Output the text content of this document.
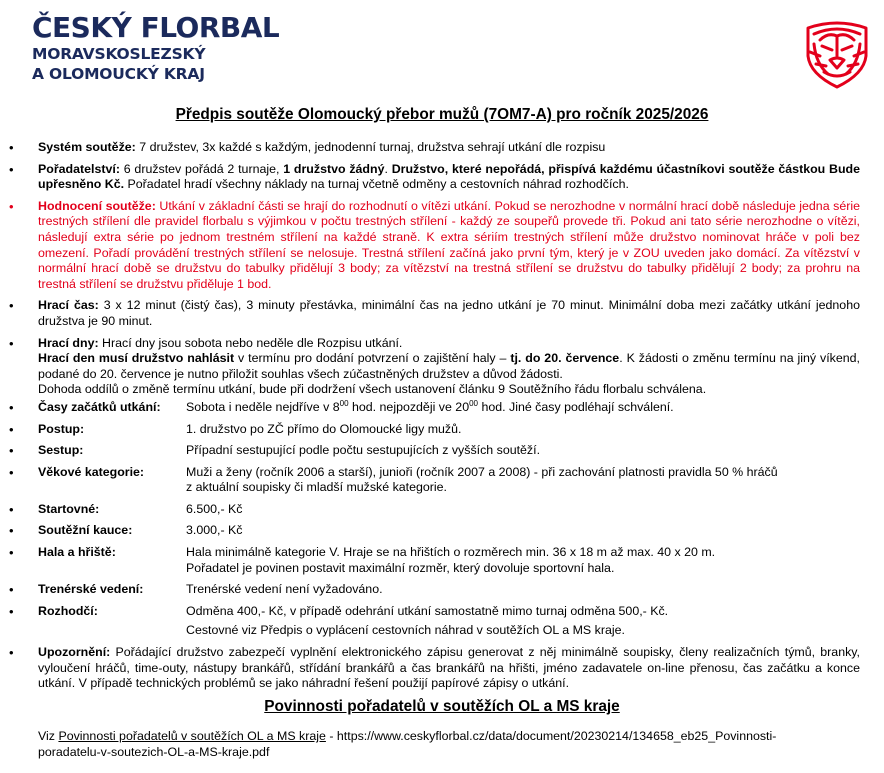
ČESKÝ FLORBAL
MORAVSKOSLEZSKÝ
A OLOMOUCKÝ KRAJ
Předpis soutěže Olomoucký přebor mužů (7OM7-A) pro ročník 2025/2026
• Systém soutěže: 7 družstev, 3x každé s každým, jednodenní turnaj, družstva sehrají utkání dle rozpisu
• Pořadatelství: 6 družstev pořádá 2 turnaje, 1 družstvo žádný. Družstvo, které nepořádá, přispívá každému účastníkovi soutěže částkou Bude upřesněno Kč. Pořadatel hradí všechny náklady na turnaj včetně odměny a cestovních náhrad rozhodčích.
• Hodnocení soutěže: Utkání v základní části se hrají do rozhodnutí o vítězi utkání. Pokud se nerozhodne v normální hrací době následuje jedna série trestných střílení dle pravidel florbalu s výjimkou v počtu trestných střílení - každý ze soupeřů provede tři. Pokud ani tato série nerozhodne o vítězi, následují extra série po jednom trestném střílení na každé straně. K extra sériím trestných střílení může družstvo nominovat hráče v poli bez omezení. Pořadí provádění trestných střílení se nelosuje. Trestná střílení začíná jako první tým, který je v ZOU uveden jako domácí. Za vítězství v normální hrací době se družstvu do tabulky přidělují 3 body; za vítězství na trestná střílení se družstvu do tabulky přidělují 2 body; za prohru na trestná střílení se družstvu přiděluje 1 bod.
• Hrací čas: 3 x 12 minut (čistý čas), 3 minuty přestávka, minimální čas na jedno utkání je 70 minut. Minimální doba mezi začátky utkání jednoho družstva je 90 minut.
• Hrací dny: Hrací dny jsou sobota nebo neděle dle Rozpisu utkání.
Hrací den musí družstvo nahlásit v termínu pro dodání potvrzení o zajištění haly – tj. do 20. července. K žádosti o změnu termínu na jiný víkend, podané do 20. července je nutno přiložit souhlas všech zúčastněných družstev a důvod žádosti.
Dohoda oddílů o změně termínu utkání, bude při dodržení všech ustanovení článku 9 Soutěžního řádu florbalu schválena.
• Časy začátků utkání:	Sobota i neděle nejdříve v $8^{00}$ hod. nejpozději ve $20^{00}$ hod. Jiné časy podléhají schválení.
• Postup:	1. družstvo po ZČ přímo do Olomoucké ligy mužů.
• Sestup:	Případní sestupující podle počtu sestupujících z vyšších soutěží.
• Věkové kategorie:	Muži a ženy (ročník 2006 a starší), junioři (ročník 2007 a 2008) - při zachování platnosti pravidla 50 % hráčů
z aktuální soupisky či mladší mužské kategorie.
• Startovné:	6.500,- Kč
• Soutěžní kauce:	3.000,- Kč
• Hala a hřiště:	Hala minimálně kategorie V. Hraje se na hřištích o rozměrech min. 36 x 18 m až max. 40 x 20 m.
Pořadatel je povinen postavit maximální rozměr, který dovoluje sportovní hala.
• Trenérské vedení:	Trenérské vedení není vyžadováno.
• Rozhodčí:	Odměna 400,- Kč, v případě odehrání utkání samostatně mimo turnaj odměna 500,- Kč.
Cestovné viz Předpis o vyplácení cestovních náhrad v soutěžích OL a MS kraje.
• Upozornění: Pořádající družstvo zabezpečí vyplnění elektronického zápisu generovat z něj minimálně soupisky, členy realizačních týmů, branky, vyloučení hráčů, time-outy, nástupy brankářů, střídání brankářů a čas brankářů na hřišti, jméno zadavatele on-line přenosu, čas začátku a konce utkání. V případě technických problémů se jako náhradní řešení použijí papírové zápisy o utkání.
Povinnosti pořadatelů v soutěžích OL a MS kraje
Viz Povinnosti pořadatelů v soutěžích OL a MS kraje - https://www.ceskyflorbal.cz/data/document/20230214/134658_eb25_Povinnosti-poradatelu-v-soutezich-OL-a-MS-kraje.pdf
